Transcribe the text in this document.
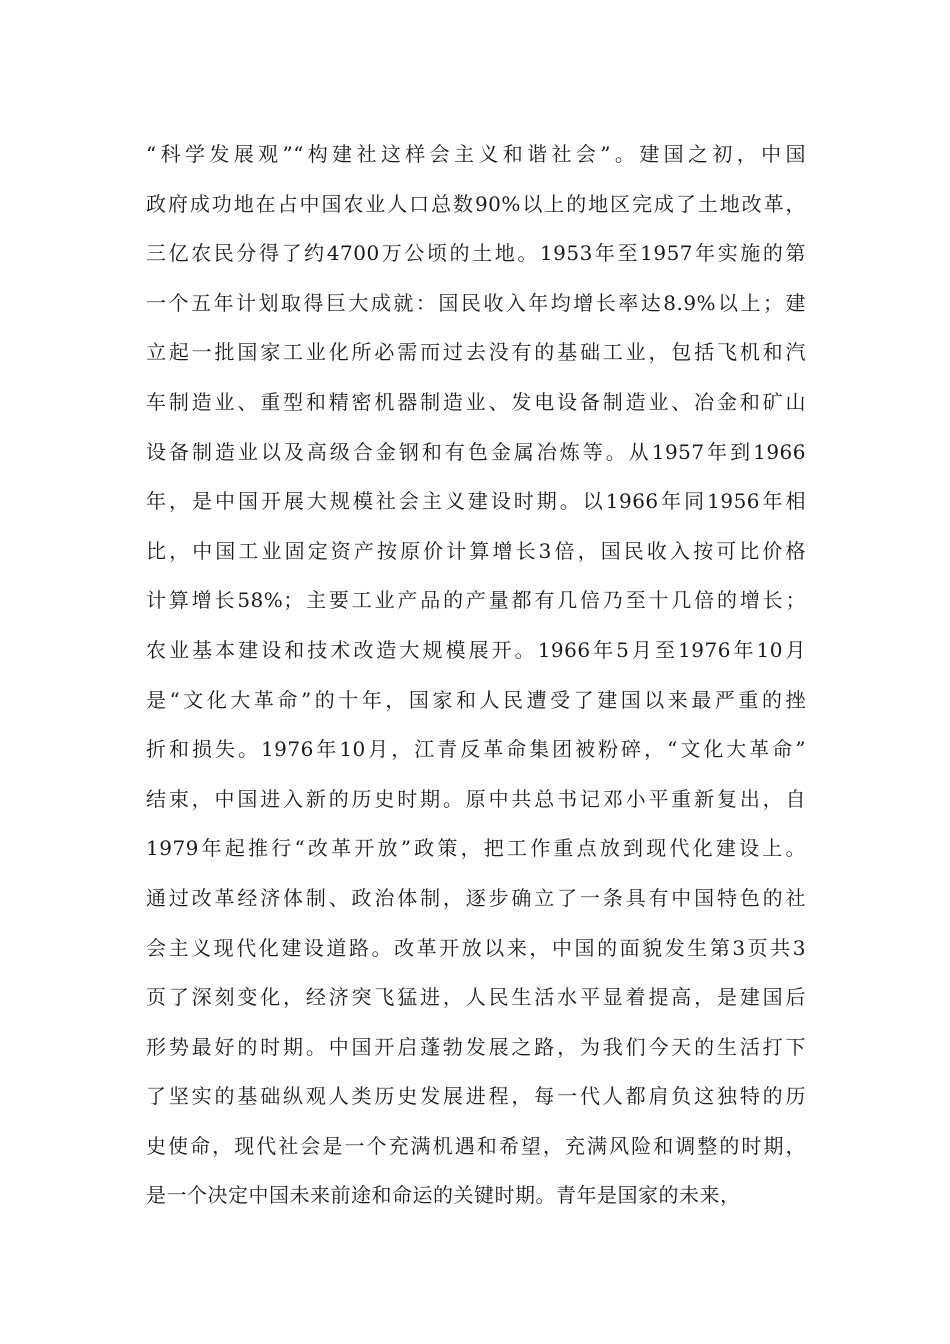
“科学发展观”“构建社这样会主义和谐社会”。建国之初，中国
政府成功地在占中国农业人口总数90%以上的地区完成了土地改革，
三亿农民分得了约4700万公顷的土地。1953年至1957年实施的第
一个五年计划取得巨大成就：国民收入年均增长率达8.9%以上；建
立起一批国家工业化所必需而过去没有的基础工业，包括飞机和汽
车制造业、重型和精密机器制造业、发电设备制造业、冶金和矿山
设备制造业以及高级合金钢和有色金属冶炼等。从1957年到1966
年，是中国开展大规模社会主义建设时期。以1966年同1956年相
比，中国工业固定资产按原价计算增长3倍，国民收入按可比价格
计算增长58%；主要工业产品的产量都有几倍乃至十几倍的增长；
农业基本建设和技术改造大规模展开。1966年5月至1976年10月
是“文化大革命”的十年，国家和人民遭受了建国以来最严重的挫
折和损失。1976年10月，江青反革命集团被粉碎，“文化大革命”
结束，中国进入新的历史时期。原中共总书记邓小平重新复出，自
1979年起推行“改革开放”政策，把工作重点放到现代化建设上。
通过改革经济体制、政治体制，逐步确立了一条具有中国特色的社
会主义现代化建设道路。改革开放以来，中国的面貌发生第3页共3
页了深刻变化，经济突飞猛进，人民生活水平显着提高，是建国后
形势最好的时期。中国开启蓬勃发展之路，为我们今天的生活打下
了坚实的基础纵观人类历史发展进程，每一代人都肩负这独特的历
史使命，现代社会是一个充满机遇和希望，充满风险和调整的时期，
是一个决定中国未来前途和命运的关键时期。青年是国家的未来，
